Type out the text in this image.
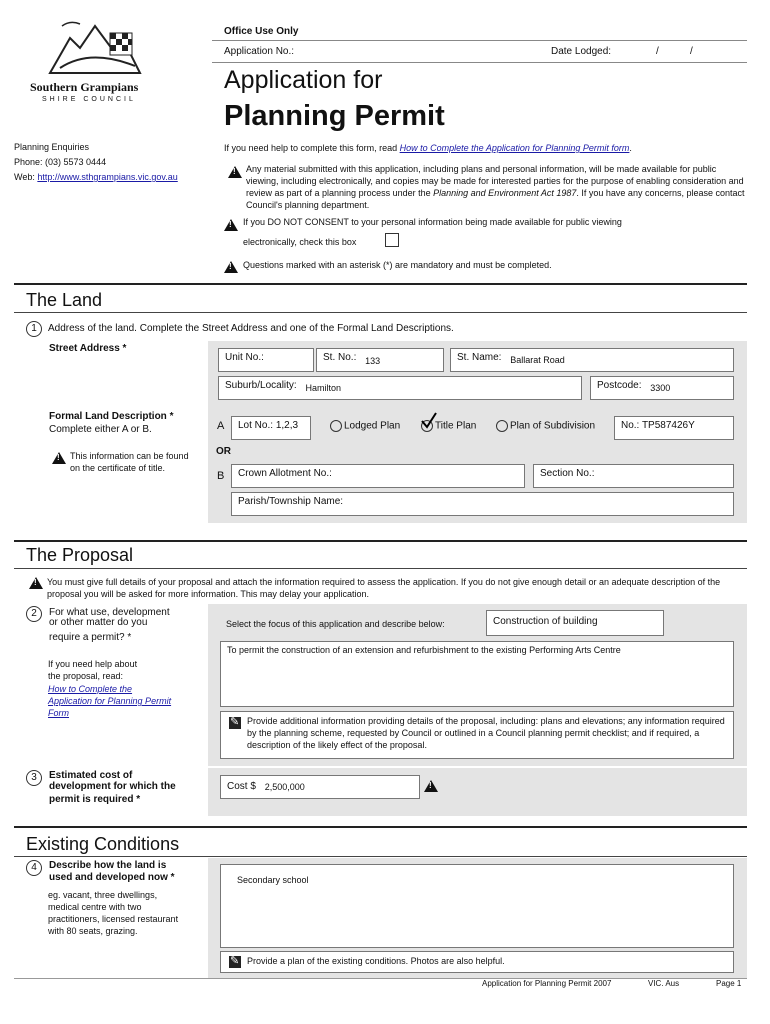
Southern Grampians
SHIRE COUNCIL
Planning Enquiries
Phone: (03) 5573 0444
Web: http://www.sthgrampians.vic.gov.au
Office Use Only
Application No.:	Date Lodged:	/	/
Application for
Planning Permit
If you need help to complete this form, read How to Complete the Application for Planning Permit form.
!
Any material submitted with this application, including plans and personal information, will be made available for public viewing, including electronically, and copies may be made for interested parties for the purpose of enabling consideration and review as part of a planning process under the Planning and Environment Act 1987. If you have any concerns, please contact Council's planning department.
!
If you DO NOT CONSENT to your personal information being made available for public viewing
electronically, check this box
!
Questions marked with an asterisk (*) are mandatory and must be completed.
The Land
1	Address of the land. Complete the Street Address and one of the Formal Land Descriptions.
Street Address *
Unit No.:	St. No.: 133	St. Name: Ballarat Road
Suburb/Locality: Hamilton	Postcode: 3300
Formal Land Description *
Complete either A or B.
!
This information can be found on the certificate of title.
A	Lot No.: 1,2,3	Lodged Plan	Title Plan	Plan of Subdivision	No.: TP587426Y
OR
B	Crown Allotment No.:	Section No.:
Parish/Township Name:
The Proposal
!
You must give full details of your proposal and attach the information required to assess the application. If you do not give enough detail or an adequate description of the proposal you will be asked for more information. This may delay your application.
2	For what use, development
or other matter do you
require a permit? *
If you need help about
the proposal, read:
How to Complete the Application for Planning Permit Form
Select the focus of this application and describe below:	Construction of building
To permit the construction of an extension and refurbishment to the existing Performing Arts Centre
✎
Provide additional information providing details of the proposal, including: plans and elevations; any information required by the planning scheme, requested by Council or outlined in a Council planning permit checklist; and if required, a description of the likely effect of the proposal.
3	Estimated cost of
development for which the
permit is required *
Cost $ 2,500,000
!
Existing Conditions
4	Describe how the land is
used and developed now *
eg. vacant, three dwellings, medical centre with two practitioners, licensed restaurant with 80 seats, grazing.
Secondary school
✎
Provide a plan of the existing conditions. Photos are also helpful.
Application for Planning Permit 2007	VIC. Aus	Page 1
